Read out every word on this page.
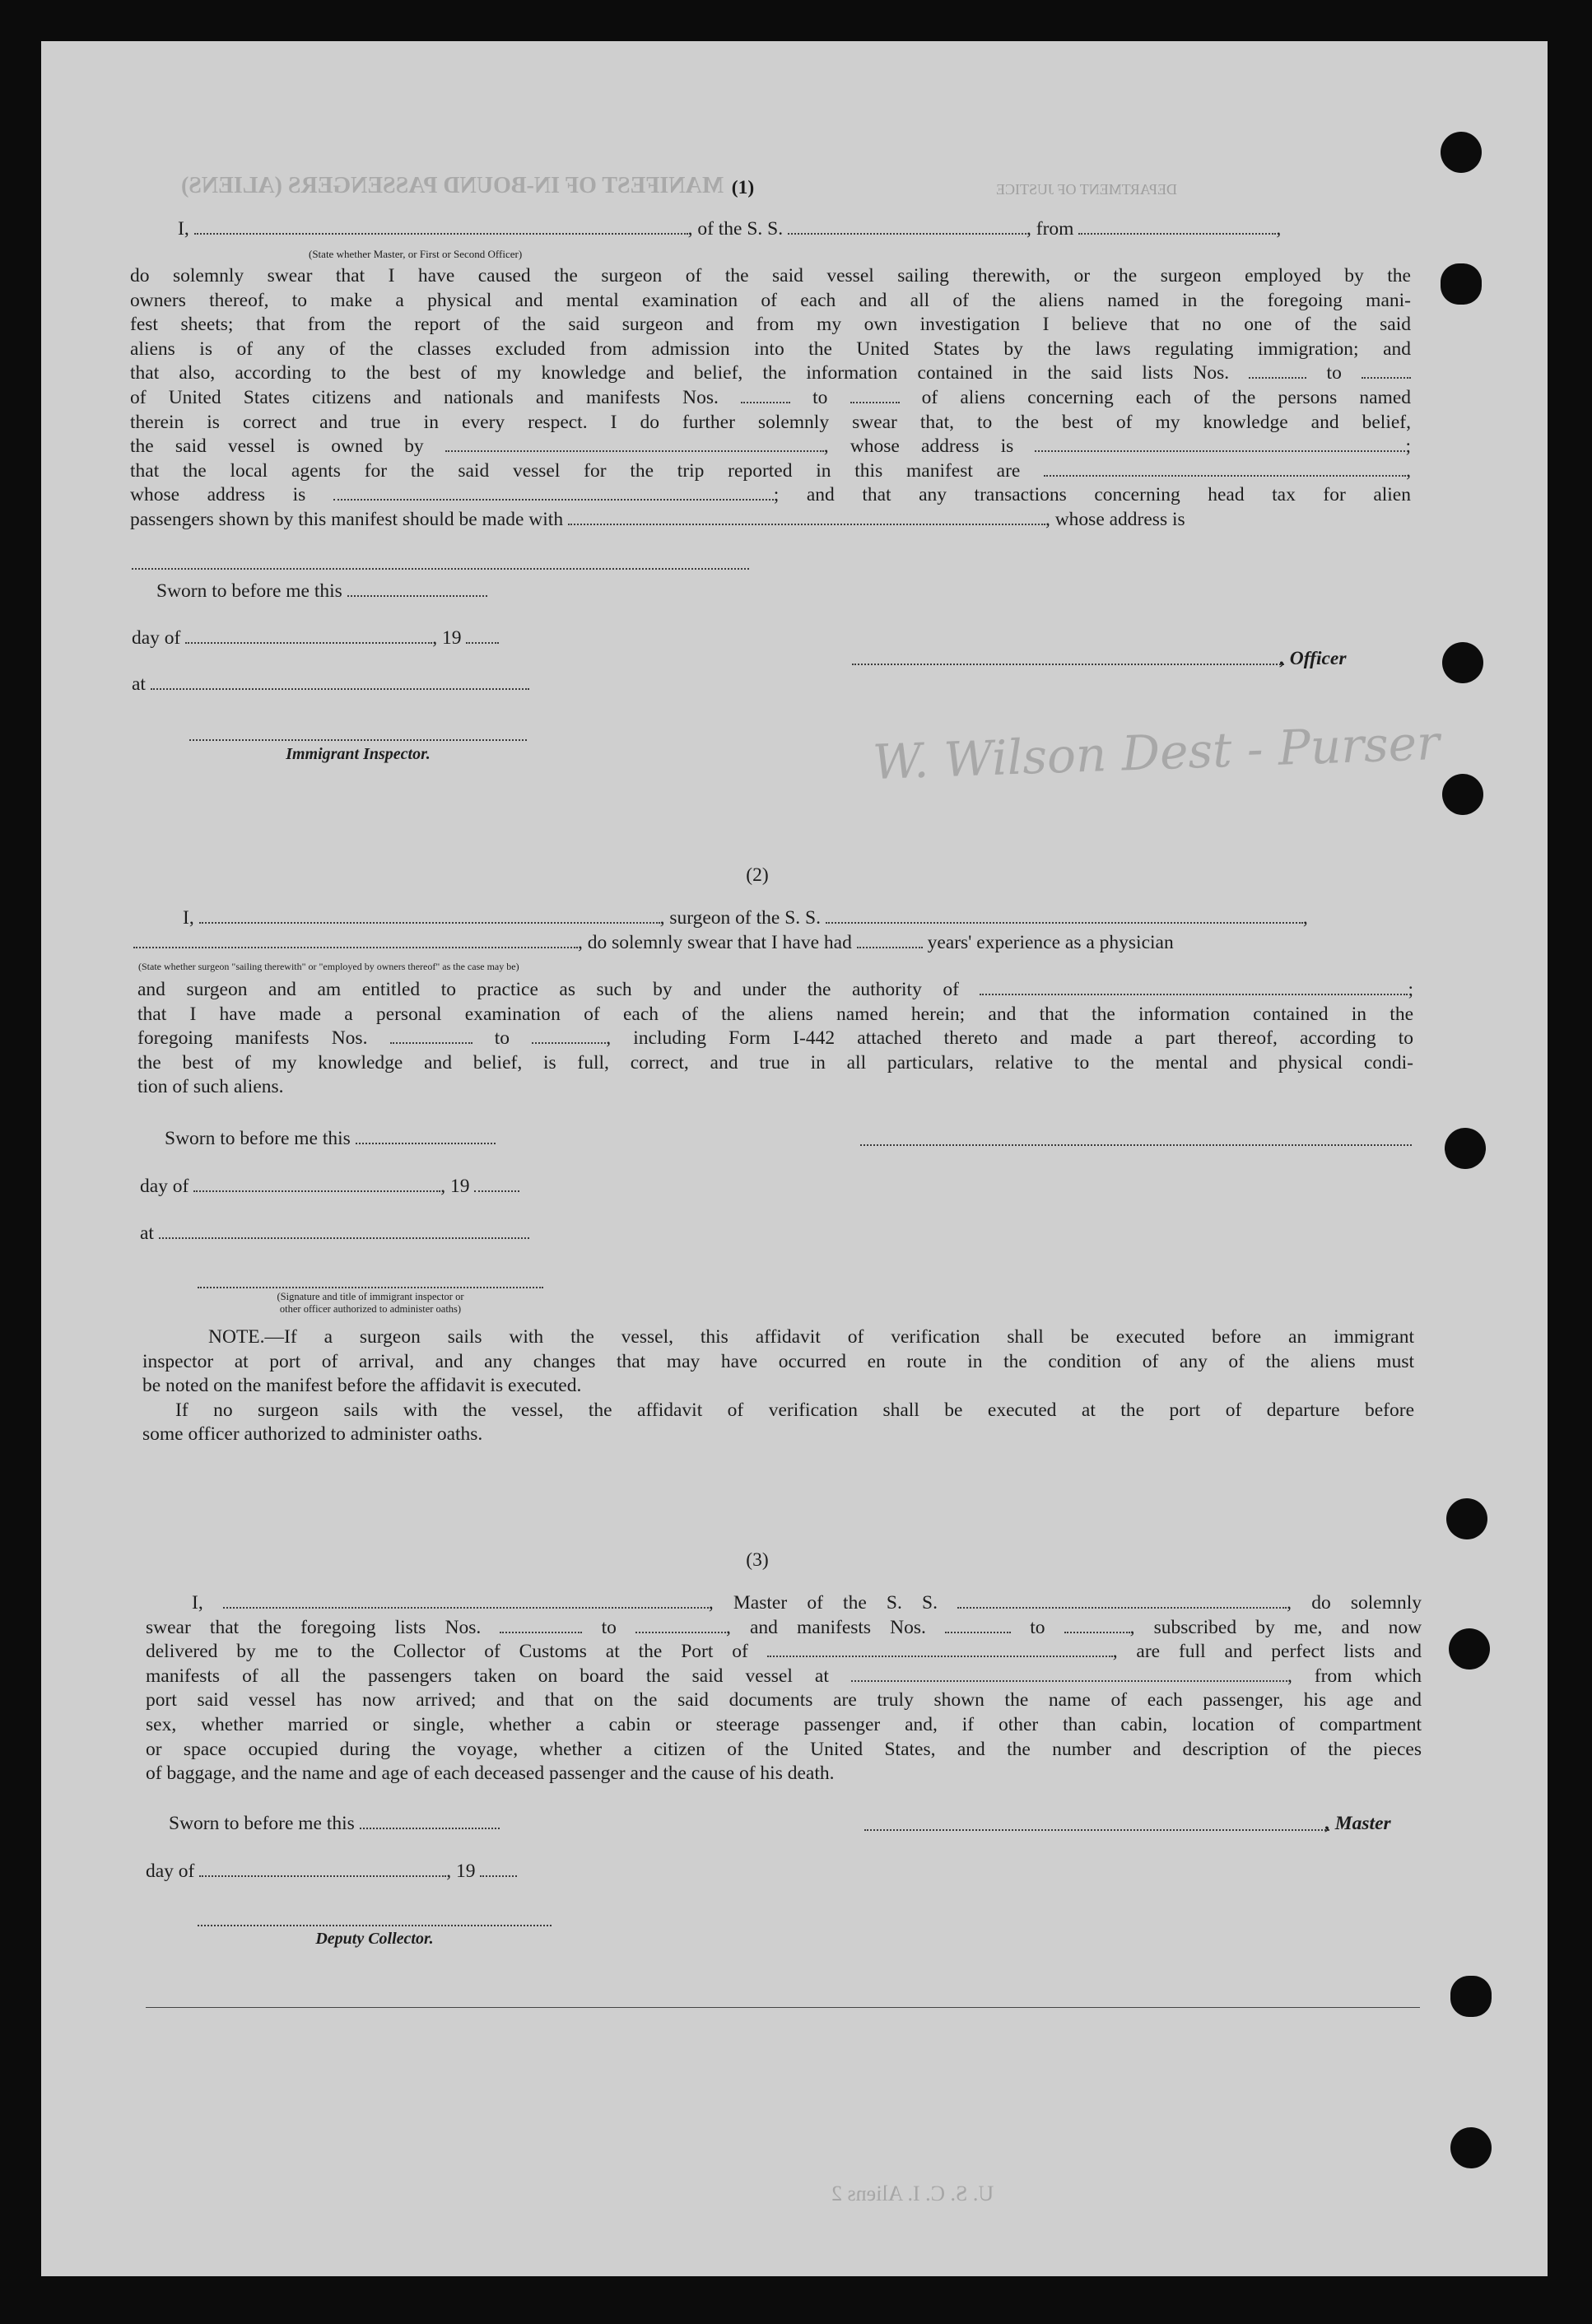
MANIFEST OF IN-BOUND PASSENGERS (ALIENS)	DEPARTMENT OF JUSTICE
U. S. C. I. Aliens 2
W. Wilson Dest - Purser
(1)
I,	, of the S. S.	, from	,
(State whether Master, or First or Second Officer)
do solemnly swear that I have caused the surgeon of the said vessel sailing therewith, or the surgeon employed by the
owners thereof, to make a physical and mental examination of each and all of the aliens named in the foregoing mani-
fest sheets; that from the report of the said surgeon and from my own investigation I believe that no one of the said
aliens is of any of the classes excluded from admission into the United States by the laws regulating immigration; and
that also, according to the best of my knowledge and belief, the information contained in the said lists Nos.	to
of United States citizens and nationals and manifests Nos.	to	of aliens concerning each of the persons named
therein is correct and true in every respect. I do further solemnly swear that, to the best of my knowledge and belief,
the said vessel is owned by	, whose address is	;
that the local agents for the said vessel for the trip reported in this manifest are	,
whose address is	; and that any transactions concerning head tax for alien
passengers shown by this manifest should be made with	, whose address is
Sworn to before me this
day of	, 19
at
, Officer
Immigrant Inspector.
(2)
I,	, surgeon of the S. S.	,
, do solemnly swear that I have had	years' experience as a physician
(State whether surgeon "sailing therewith" or "employed by owners thereof" as the case may be)
and surgeon and am entitled to practice as such by and under the authority of	;
that I have made a personal examination of each of the aliens named herein; and that the information contained in the
foregoing manifests Nos.	to	, including Form I-442 attached thereto and made a part thereof, according to
the best of my knowledge and belief, is full, correct, and true in all particulars, relative to the mental and physical condi-
tion of such aliens.
Sworn to before me this
day of	, 19
at
(Signature and title of immigrant inspector or
other officer authorized to administer oaths)
NOTE.—If a surgeon sails with the vessel, this affidavit of verification shall be executed before an immigrant
inspector at port of arrival, and any changes that may have occurred en route in the condition of any of the aliens must
be noted on the manifest before the affidavit is executed.
If no surgeon sails with the vessel, the affidavit of verification shall be executed at the port of departure before
some officer authorized to administer oaths.
(3)
I,	, Master of the S. S.	, do solemnly
swear that the foregoing lists Nos.	to	, and manifests Nos.	to	, subscribed by me, and now
delivered by me to the Collector of Customs at the Port of	, are full and perfect lists and
manifests of all the passengers taken on board the said vessel at	, from which
port said vessel has now arrived; and that on the said documents are truly shown the name of each passenger, his age and
sex, whether married or single, whether a cabin or steerage passenger and, if other than cabin, location of compartment
or space occupied during the voyage, whether a citizen of the United States, and the number and description of the pieces
of baggage, and the name and age of each deceased passenger and the cause of his death.
Sworn to before me this	, Master
day of	, 19
Deputy Collector.
